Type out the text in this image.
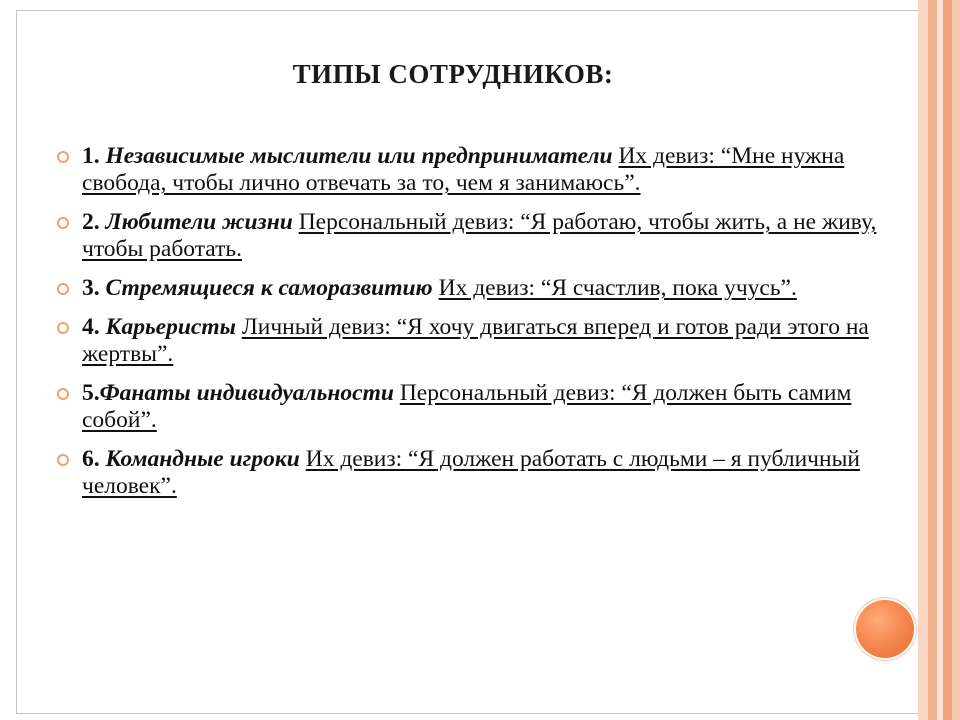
ТИПЫ СОТРУДНИКОВ:
1. Независимые мыслители или предприниматели Их девиз: “Мне нужна свобода, чтобы лично отвечать за то, чем я занимаюсь”.
2. Любители жизни Персональный девиз: “Я работаю, чтобы жить, а не живу, чтобы работать.
3. Стремящиеся к саморазвитию Их девиз: “Я счастлив, пока учусь”.
4. Карьеристы Личный девиз: “Я хочу двигаться вперед и готов ради этого на жертвы”.
5.Фанаты индивидуальности Персональный девиз: “Я должен быть самим собой”.
6. Командные игроки Их девиз: “Я должен работать с людьми – я публичный человек”.
